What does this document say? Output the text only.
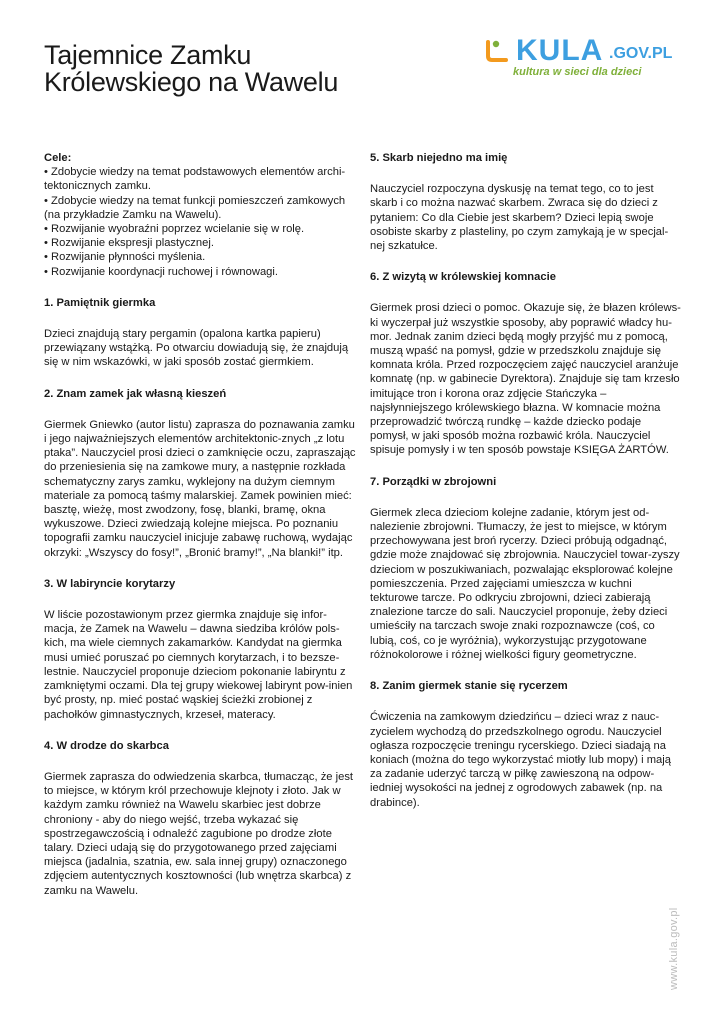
Tajemnice Zamku
Królewskiego na Wawelu
KULA .GOV.PL
kultura w sieci dla dzieci
Cele:
• Zdobycie wiedzy na temat podstawowych elementów archi-tektonicznych zamku.
• Zdobycie wiedzy na temat funkcji pomieszczeń zamkowych (na przykładzie Zamku na Wawelu).
• Rozwijanie wyobraźni poprzez wcielanie się w rolę.
• Rozwijanie ekspresji plastycznej.
• Rozwijanie płynności myślenia.
• Rozwijanie koordynacji ruchowej i równowagi.
1. Pamiętnik giermka

Dzieci znajdują stary pergamin (opalona kartka papieru) przewiązany wstążką. Po otwarciu dowiadują się, że znajdują się w nim wskazówki, w jaki sposób zostać giermkiem.

2. Znam zamek jak własną kieszeń

Giermek Gniewko (autor listu) zaprasza do poznawania zamku i jego najważniejszych elementów architektonic-znych „z lotu ptaka”. Nauczyciel prosi dzieci o zamknięcie oczu, zapraszając do przeniesienia się na zamkowe mury, a następnie rozkłada schematyczny zarys zamku, wyklejony na dużym ciemnym materiale za pomocą taśmy malarskiej. Zamek powinien mieć: basztę, wieżę, most zwodzony, fosę, blanki, bramę, okna wykuszowe. Dzieci zwiedzają kolejne miejsca. Po poznaniu topografii zamku nauczyciel inicjuje zabawę ruchową, wydając okrzyki: „Wszyscy do fosy!”, „Bronić bramy!”, „Na blanki!” itp.

3. W labiryncie korytarzy

W liście pozostawionym przez giermka znajduje się infor-macja, że Zamek na Wawelu – dawna siedziba królów pols-kich, ma wiele ciemnych zakamarków. Kandydat na giermka musi umieć poruszać po ciemnych korytarzach, i to bezsze-lestnie. Nauczyciel proponuje dzieciom pokonanie labiryntu z zamkniętymi oczami. Dla tej grupy wiekowej labirynt pow-inien być prosty, np. mieć postać wąskiej ścieżki zrobionej z pachołków gimnastycznych, krzeseł, materacy.

4. W drodze do skarbca

Giermek zaprasza do odwiedzenia skarbca, tłumacząc, że jest to miejsce, w którym król przechowuje klejnoty i złoto. Jak w każdym zamku również na Wawelu skarbiec jest dobrze chroniony - aby do niego wejść, trzeba wykazać się spostrzegawczością i odnaleźć zagubione po drodze złote talary. Dzieci udają się do przygotowanego przed zajęciami miejsca (jadalnia, szatnia, ew. sala innej grupy) oznaczonego zdjęciem autentycznych kosztowności (lub wnętrza skarbca) z zamku na Wawelu.

5. Skarb niejedno ma imię

Nauczyciel rozpoczyna dyskusję na temat tego, co to jest skarb i co można nazwać skarbem. Zwraca się do dzieci z pytaniem: Co dla Ciebie jest skarbem? Dzieci lepią swoje osobiste skarby z plasteliny, po czym zamykają je w specjal-nej szkatułce.

6. Z wizytą w królewskiej komnacie

Giermek prosi dzieci o pomoc. Okazuje się, że błazen królews-ki wyczerpał już wszystkie sposoby, aby poprawić władcy hu-mor. Jednak zanim dzieci będą mogły przyjść mu z pomocą, muszą wpaść na pomysł, gdzie w przedszkolu znajduje się komnata króla. Przed rozpoczęciem zajęć nauczyciel aranżuje komnatę (np. w gabinecie Dyrektora). Znajduje się tam krzesło imitujące tron i korona oraz zdjęcie Stańczyka – najsłynniejszego królewskiego błazna. W komnacie można przeprowadzić twórczą rundkę – każde dziecko podaje pomysł, w jaki sposób można rozbawić króla. Nauczyciel spisuje pomysły i w ten sposób powstaje KSIĘGA ŻARTÓW.

7. Porządki w zbrojowni

Giermek zleca dzieciom kolejne zadanie, którym jest od-nalezienie zbrojowni. Tłumaczy, że jest to miejsce, w którym przechowywana jest broń rycerzy. Dzieci próbują odgadnąć, gdzie może znajdować się zbrojownia. Nauczyciel towar-zyszy dzieciom w poszukiwaniach, pozwalając eksplorować kolejne pomieszczenia. Przed zajęciami umieszcza w kuchni tekturowe tarcze. Po odkryciu zbrojowni, dzieci zabierają znalezione tarcze do sali. Nauczyciel proponuje, żeby dzieci umieściły na tarczach swoje znaki rozpoznawcze (coś, co lubią, coś, co je wyróżnia), wykorzystując przygotowane różnokolorowe i różnej wielkości figury geometryczne.

8. Zanim giermek stanie się rycerzem

Ćwiczenia na zamkowym dziedzińcu – dzieci wraz z nauc-zycielem wychodzą do przedszkolnego ogrodu. Nauczyciel ogłasza rozpoczęcie treningu rycerskiego. Dzieci siadają na koniach (można do tego wykorzystać miotły lub mopy) i mają za zadanie uderzyć tarczą w piłkę zawieszoną na odpow-iedniej wysokości na jednej z ogrodowych zabawek (np. na drabince).

www.kula.gov.pl
